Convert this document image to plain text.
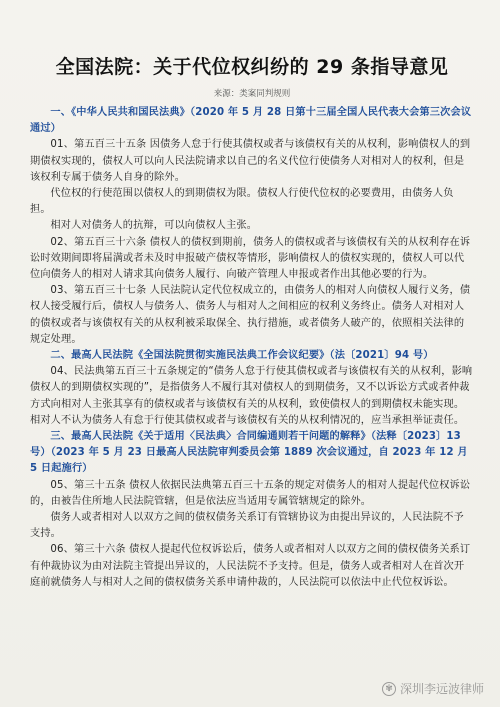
全国法院：关于代位权纠纷的 29 条指导意见
来源：类案同判规则

一、《中华人民共和国民法典》（2020 年 5 月 28 日第十三届全国人民代表大会第三次会议通过）

01、第五百三十五条 因债务人怠于行使其债权或者与该债权有关的从权利，影响债权人的到期债权实现的，债权人可以向人民法院请求以自己的名义代位行使债务人对相对人的权利，但是该权利专属于债务人自身的除外。

代位权的行使范围以债权人的到期债权为限。债权人行使代位权的必要费用，由债务人负担。

相对人对债务人的抗辩，可以向债权人主张。

02、第五百三十六条 债权人的债权到期前，债务人的债权或者与该债权有关的从权利存在诉讼时效期间即将届满或者未及时申报破产债权等情形，影响债权人的债权实现的，债权人可以代位向债务人的相对人请求其向债务人履行、向破产管理人申报或者作出其他必要的行为。

03、第五百三十七条 人民法院认定代位权成立的，由债务人的相对人向债权人履行义务，债权人接受履行后，债权人与债务人、债务人与相对人之间相应的权利义务终止。债务人对相对人的债权或者与该债权有关的从权利被采取保全、执行措施，或者债务人破产的，依照相关法律的规定处理。

二、最高人民法院《全国法院贯彻实施民法典工作会议纪要》（法〔2021〕94 号）

04、民法典第五百三十五条规定的“债务人怠于行使其债权或者与该债权有关的从权利，影响债权人的到期债权实现的”，是指债务人不履行其对债权人的到期债务，又不以诉讼方式或者仲裁方式向相对人主张其享有的债权或者与该债权有关的从权利，致使债权人的到期债权未能实现。相对人不认为债务人有怠于行使其债权或者与该债权有关的从权利情况的，应当承担举证责任。

三、最高人民法院《关于适用〈民法典〉合同编通则若干问题的解释》（法释〔2023〕13 号）（2023 年 5 月 23 日最高人民法院审判委员会第 1889 次会议通过，自 2023 年 12 月 5 日起施行）

05、第三十五条 债权人依据民法典第五百三十五条的规定对债务人的相对人提起代位权诉讼的，由被告住所地人民法院管辖，但是依法应当适用专属管辖规定的除外。

债务人或者相对人以双方之间的债权债务关系订有管辖协议为由提出异议的，人民法院不予支持。

06、第三十六条 债权人提起代位权诉讼后，债务人或者相对人以双方之间的债权债务关系订有仲裁协议为由对法院主管提出异议的，人民法院不予支持。但是，债务人或者相对人在首次开庭前就债务人与相对人之间的债权债务关系申请仲裁的，人民法院可以依法中止代位权诉讼。

✾ 深圳李远波律师
